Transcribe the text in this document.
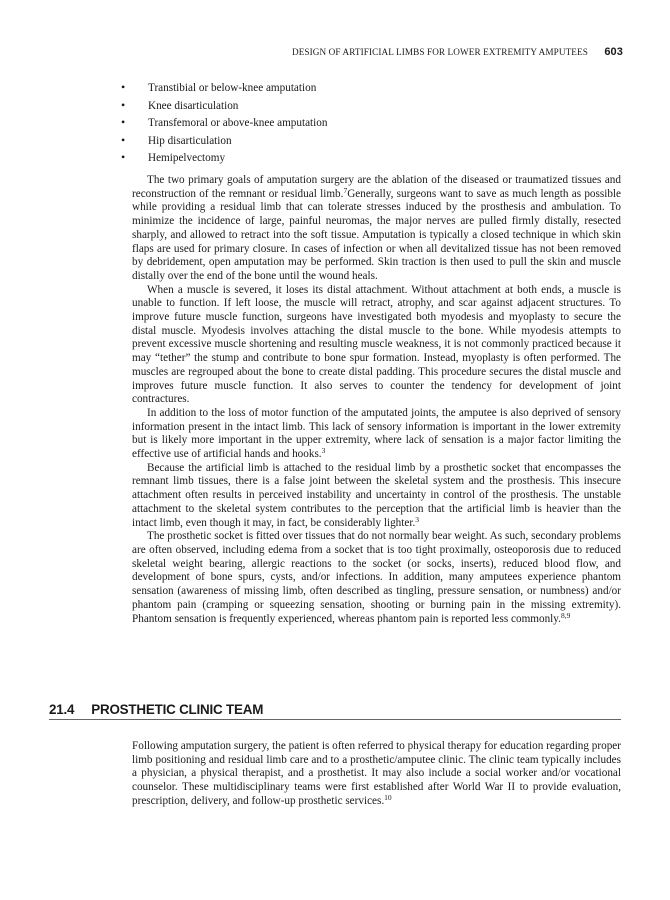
DESIGN OF ARTIFICIAL LIMBS FOR LOWER EXTREMITY AMPUTEES 603
• Transtibial or below-knee amputation
• Knee disarticulation
• Transfemoral or above-knee amputation
• Hip disarticulation
• Hemipelvectomy

The two primary goals of amputation surgery are the ablation of the diseased or traumatized tissues and reconstruction of the remnant or residual limb.$^7$Generally, surgeons want to save as much length as possible while providing a residual limb that can tolerate stresses induced by the prosthesis and ambulation. To minimize the incidence of large, painful neuromas, the major nerves are pulled firmly distally, resected sharply, and allowed to retract into the soft tissue. Amputation is typically a closed technique in which skin flaps are used for primary closure. In cases of infection or when all devitalized tissue has not been removed by debridement, open amputation may be performed. Skin traction is then used to pull the skin and muscle distally over the end of the bone until the wound heals.

When a muscle is severed, it loses its distal attachment. Without attachment at both ends, a muscle is unable to function. If left loose, the muscle will retract, atrophy, and scar against adjacent structures. To improve future muscle function, surgeons have investigated both myodesis and myoplasty to secure the distal muscle. Myodesis involves attaching the distal muscle to the bone. While myodesis attempts to prevent excessive muscle shortening and resulting muscle weakness, it is not commonly practiced because it may “tether” the stump and contribute to bone spur formation. Instead, myoplasty is often performed. The muscles are regrouped about the bone to create distal padding. This procedure secures the distal muscle and improves future muscle function. It also serves to counter the tendency for development of joint contractures.

In addition to the loss of motor function of the amputated joints, the amputee is also deprived of sensory information present in the intact limb. This lack of sensory information is important in the lower extremity but is likely more important in the upper extremity, where lack of sensation is a major factor limiting the effective use of artificial hands and hooks.$^3$

Because the artificial limb is attached to the residual limb by a prosthetic socket that encompasses the remnant limb tissues, there is a false joint between the skeletal system and the prosthesis. This insecure attachment often results in perceived instability and uncertainty in control of the prosthesis. The unstable attachment to the skeletal system contributes to the perception that the artificial limb is heavier than the intact limb, even though it may, in fact, be considerably lighter.$^3$

The prosthetic socket is fitted over tissues that do not normally bear weight. As such, secondary problems are often observed, including edema from a socket that is too tight proximally, osteoporosis due to reduced skeletal weight bearing, allergic reactions to the socket (or socks, inserts), reduced blood flow, and development of bone spurs, cysts, and/or infections. In addition, many amputees experience phantom sensation (awareness of missing limb, often described as tingling, pressure sensation, or numbness) and/or phantom pain (cramping or squeezing sensation, shooting or burning pain in the missing extremity). Phantom sensation is frequently experienced, whereas phantom pain is reported less commonly.$^{8,9}$

21.4 PROSTHETIC CLINIC TEAM

Following amputation surgery, the patient is often referred to physical therapy for education regarding proper limb positioning and residual limb care and to a prosthetic/amputee clinic. The clinic team typically includes a physician, a physical therapist, and a prosthetist. It may also include a social worker and/or vocational counselor. These multidisciplinary teams were first established after World War II to provide evaluation, prescription, delivery, and follow-up prosthetic services.$^{10}$
